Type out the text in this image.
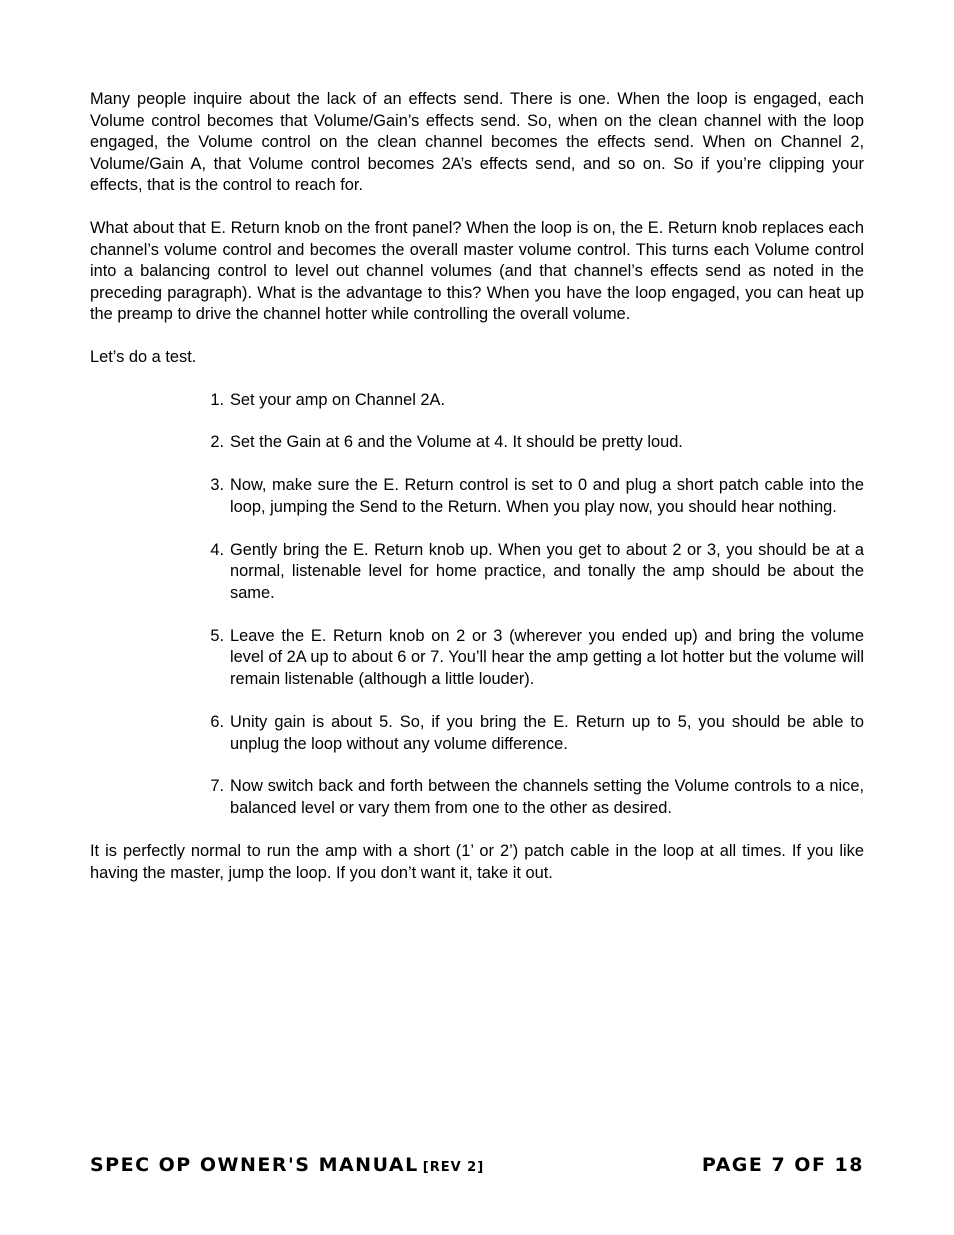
Many people inquire about the lack of an effects send. There is one. When the loop is engaged, each Volume control becomes that Volume/Gain’s effects send. So, when on the clean channel with the loop engaged, the Volume control on the clean channel becomes the effects send. When on Channel 2, Volume/Gain A, that Volume control becomes 2A’s effects send, and so on. So if you’re clipping your effects, that is the control to reach for.

What about that E. Return knob on the front panel? When the loop is on, the E. Return knob replaces each channel’s volume control and becomes the overall master volume control. This turns each Volume control into a balancing control to level out channel volumes (and that channel’s effects send as noted in the preceding paragraph). What is the advantage to this? When you have the loop engaged, you can heat up the preamp to drive the channel hotter while controlling the overall volume.

Let’s do a test.

1. Set your amp on Channel 2A.
2. Set the Gain at 6 and the Volume at 4. It should be pretty loud.
3. Now, make sure the E. Return control is set to 0 and plug a short patch cable into the loop, jumping the Send to the Return. When you play now, you should hear nothing.
4. Gently bring the E. Return knob up. When you get to about 2 or 3, you should be at a normal, listenable level for home practice, and tonally the amp should be about the same.
5. Leave the E. Return knob on 2 or 3 (wherever you ended up) and bring the volume level of 2A up to about 6 or 7. You’ll hear the amp getting a lot hotter but the volume will remain listenable (although a little louder).
6. Unity gain is about 5. So, if you bring the E. Return up to 5, you should be able to unplug the loop without any volume difference.
7. Now switch back and forth between the channels setting the Volume controls to a nice, balanced level or vary them from one to the other as desired.

It is perfectly normal to run the amp with a short (1’ or 2’) patch cable in the loop at all times. If you like having the master, jump the loop. If you don’t want it, take it out.

SPEC OP OWNER'S MANUAL [REV 2]	PAGE 7 OF 18
